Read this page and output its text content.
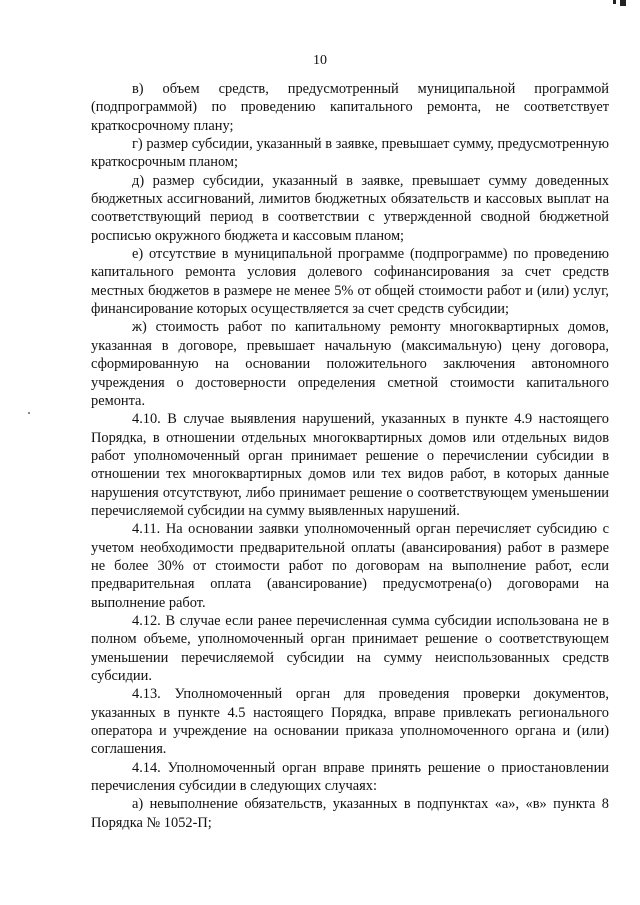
10

в) объем средств, предусмотренный муниципальной программой (подпрограммой) по проведению капитального ремонта, не соответствует краткосрочному плану;

г) размер субсидии, указанный в заявке, превышает сумму, предусмотренную краткосрочным планом;

д) размер субсидии, указанный в заявке, превышает сумму доведенных бюджетных ассигнований, лимитов бюджетных обязательств и кассовых выплат на соответствующий период в соответствии с утвержденной сводной бюджетной росписью окружного бюджета и кассовым планом;

е) отсутствие в муниципальной программе (подпрограмме) по проведению капитального ремонта условия долевого софинансирования за счет средств местных бюджетов в размере не менее 5% от общей стоимости работ и (или) услуг, финансирование которых осуществляется за счет средств субсидии;

ж) стоимость работ по капитальному ремонту многоквартирных домов, указанная в договоре, превышает начальную (максимальную) цену договора, сформированную на основании положительного заключения автономного учреждения о достоверности определения сметной стоимости капитального ремонта.

4.10. В случае выявления нарушений, указанных в пункте 4.9 настоящего Порядка, в отношении отдельных многоквартирных домов или отдельных видов работ уполномоченный орган принимает решение о перечислении субсидии в отношении тех многоквартирных домов или тех видов работ, в которых данные нарушения отсутствуют, либо принимает решение о соответствующем уменьшении перечисляемой субсидии на сумму выявленных нарушений.

4.11. На основании заявки уполномоченный орган перечисляет субсидию с учетом необходимости предварительной оплаты (авансирования) работ в размере не более 30% от стоимости работ по договорам на выполнение работ, если предварительная оплата (авансирование) предусмотрена(о) договорами на выполнение работ.

4.12. В случае если ранее перечисленная сумма субсидии использована не в полном объеме, уполномоченный орган принимает решение о соответствующем уменьшении перечисляемой субсидии на сумму неиспользованных средств субсидии.

4.13. Уполномоченный орган для проведения проверки документов, указанных в пункте 4.5 настоящего Порядка, вправе привлекать регионального оператора и учреждение на основании приказа уполномоченного органа и (или) соглашения.

4.14. Уполномоченный орган вправе принять решение о приостановлении перечисления субсидии в следующих случаях:

а) невыполнение обязательств, указанных в подпунктах «а», «в» пункта 8 Порядка № 1052-П;
